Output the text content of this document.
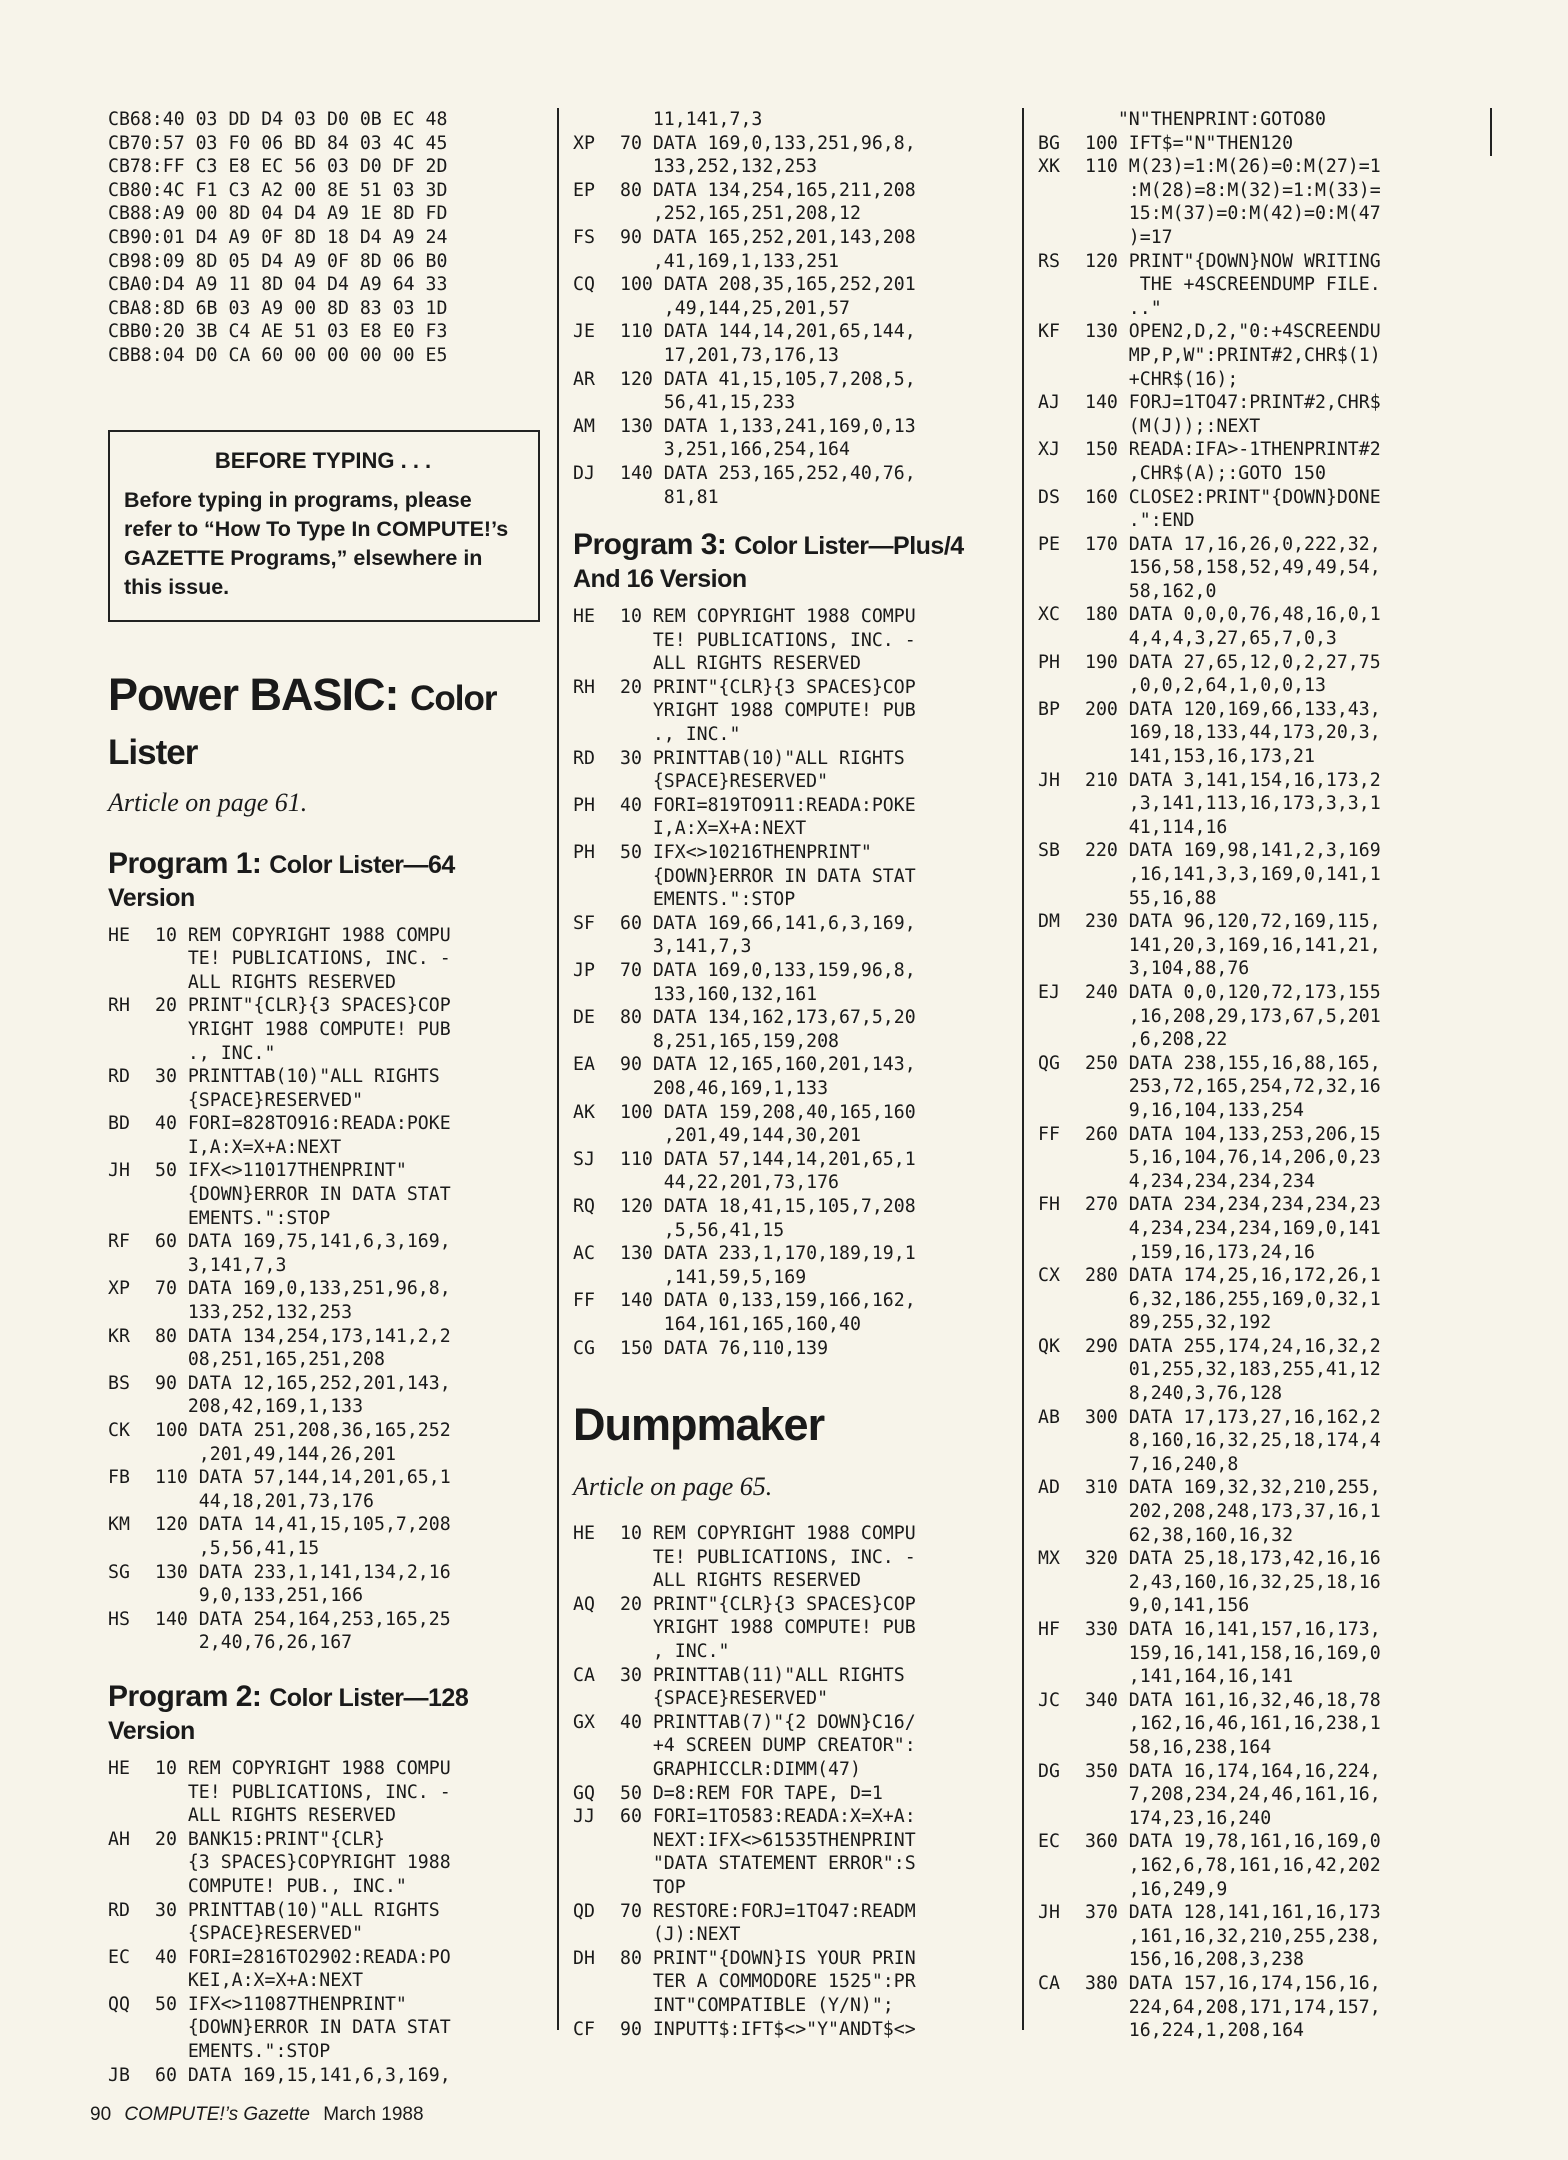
CB68:40 03 DD D4 03 D0 0B EC 48
CB70:57 03 F0 06 BD 84 03 4C 45
CB78:FF C3 E8 EC 56 03 D0 DF 2D
CB80:4C F1 C3 A2 00 8E 51 03 3D
CB88:A9 00 8D 04 D4 A9 1E 8D FD
CB90:01 D4 A9 0F 8D 18 D4 A9 24
CB98:09 8D 05 D4 A9 0F 8D 06 B0
CBA0:D4 A9 11 8D 04 D4 A9 64 33
CBA8:8D 6B 03 A9 00 8D 83 03 1D
CBB0:20 3B C4 AE 51 03 E8 E0 F3
CBB8:04 D0 CA 60 00 00 00 00 E5
BEFORE TYPING . . .
Before typing in programs, please refer to “How To Type In COMPUTE!’s GAZETTE Programs,” elsewhere in this issue.
Power BASIC: Color
Lister
Article on page 61.
Program 1: Color Lister—64
Version
HE	10 REM COPYRIGHT 1988 COMPU
TE! PUBLICATIONS, INC. -
ALL RIGHTS RESERVED
RH	20 PRINT"{CLR}{3 SPACES}COP
YRIGHT 1988 COMPUTE! PUB
., INC."
RD	30 PRINTTAB(10)"ALL RIGHTS
{SPACE}RESERVED"
BD	40 FORI=828TO916:READA:POKE
I,A:X=X+A:NEXT
JH	50 IFX<>11017THENPRINT"
{DOWN}ERROR IN DATA STAT
EMENTS.":STOP
RF	60 DATA 169,75,141,6,3,169,
3,141,7,3
XP	70 DATA 169,0,133,251,96,8,
133,252,132,253
KR	80 DATA 134,254,173,141,2,2
08,251,165,251,208
BS	90 DATA 12,165,252,201,143,
208,42,169,1,133
CK	100 DATA 251,208,36,165,252
,201,49,144,26,201
FB	110 DATA 57,144,14,201,65,1
44,18,201,73,176
KM	120 DATA 14,41,15,105,7,208
,5,56,41,15
SG	130 DATA 233,1,141,134,2,16
9,0,133,251,166
HS	140 DATA 254,164,253,165,25
2,40,76,26,167
Program 2: Color Lister—128
Version
HE	10 REM COPYRIGHT 1988 COMPU
TE! PUBLICATIONS, INC. -
ALL RIGHTS RESERVED
AH	20 BANK15:PRINT"{CLR}
{3 SPACES}COPYRIGHT 1988
COMPUTE! PUB., INC."
RD	30 PRINTTAB(10)"ALL RIGHTS
{SPACE}RESERVED"
EC	40 FORI=2816TO2902:READA:PO
KEI,A:X=X+A:NEXT
QQ	50 IFX<>11087THENPRINT"
{DOWN}ERROR IN DATA STAT
EMENTS.":STOP
JB	60 DATA 169,15,141,6,3,169,
11,141,7,3
XP	70 DATA 169,0,133,251,96,8,
133,252,132,253
EP	80 DATA 134,254,165,211,208
,252,165,251,208,12
FS	90 DATA 165,252,201,143,208
,41,169,1,133,251
CQ	100 DATA 208,35,165,252,201
,49,144,25,201,57
JE	110 DATA 144,14,201,65,144,
17,201,73,176,13
AR	120 DATA 41,15,105,7,208,5,
56,41,15,233
AM	130 DATA 1,133,241,169,0,13
3,251,166,254,164
DJ	140 DATA 253,165,252,40,76,
81,81
Program 3: Color Lister—Plus/4
And 16 Version
HE	10 REM COPYRIGHT 1988 COMPU
TE! PUBLICATIONS, INC. -
ALL RIGHTS RESERVED
RH	20 PRINT"{CLR}{3 SPACES}COP
YRIGHT 1988 COMPUTE! PUB
., INC."
RD	30 PRINTTAB(10)"ALL RIGHTS
{SPACE}RESERVED"
PH	40 FORI=819TO911:READA:POKE
I,A:X=X+A:NEXT
PH	50 IFX<>10216THENPRINT"
{DOWN}ERROR IN DATA STAT
EMENTS.":STOP
SF	60 DATA 169,66,141,6,3,169,
3,141,7,3
JP	70 DATA 169,0,133,159,96,8,
133,160,132,161
DE	80 DATA 134,162,173,67,5,20
8,251,165,159,208
EA	90 DATA 12,165,160,201,143,
208,46,169,1,133
AK	100 DATA 159,208,40,165,160
,201,49,144,30,201
SJ	110 DATA 57,144,14,201,65,1
44,22,201,73,176
RQ	120 DATA 18,41,15,105,7,208
,5,56,41,15
AC	130 DATA 233,1,170,189,19,1
,141,59,5,169
FF	140 DATA 0,133,159,166,162,
164,161,165,160,40
CG	150 DATA 76,110,139
Dumpmaker
Article on page 65.
HE	10 REM COPYRIGHT 1988 COMPU
TE! PUBLICATIONS, INC. -
ALL RIGHTS RESERVED
AQ	20 PRINT"{CLR}{3 SPACES}COP
YRIGHT 1988 COMPUTE! PUB
, INC."
CA	30 PRINTTAB(11)"ALL RIGHTS
{SPACE}RESERVED"
GX	40 PRINTTAB(7)"{2 DOWN}C16/
+4 SCREEN DUMP CREATOR":
GRAPHICCLR:DIMM(47)
GQ	50 D=8:REM FOR TAPE, D=1
JJ	60 FORI=1TO583:READA:X=X+A:
NEXT:IFX<>61535THENPRINT
"DATA STATEMENT ERROR":S
TOP
QD	70 RESTORE:FORJ=1TO47:READM
(J):NEXT
DH	80 PRINT"{DOWN}IS YOUR PRIN
TER A COMMODORE 1525":PR
INT"COMPATIBLE (Y/N)";
CF	90 INPUTT$:IFT$<>"Y"ANDT$<>
"N"THENPRINT:GOTO80
BG	100 IFT$="N"THEN120
XK	110 M(23)=1:M(26)=0:M(27)=1
:M(28)=8:M(32)=1:M(33)=
15:M(37)=0:M(42)=0:M(47
)=17
RS	120 PRINT"{DOWN}NOW WRITING
THE +4SCREENDUMP FILE.
.."
KF	130 OPEN2,D,2,"0:+4SCREENDU
MP,P,W":PRINT#2,CHR$(1)
+CHR$(16);
AJ	140 FORJ=1TO47:PRINT#2,CHR$
(M(J));:NEXT
XJ	150 READA:IFA>-1THENPRINT#2
,CHR$(A);:GOTO 150
DS	160 CLOSE2:PRINT"{DOWN}DONE
.":END
PE	170 DATA 17,16,26,0,222,32,
156,58,158,52,49,49,54,
58,162,0
XC	180 DATA 0,0,0,76,48,16,0,1
4,4,4,3,27,65,7,0,3
PH	190 DATA 27,65,12,0,2,27,75
,0,0,2,64,1,0,0,13
BP	200 DATA 120,169,66,133,43,
169,18,133,44,173,20,3,
141,153,16,173,21
JH	210 DATA 3,141,154,16,173,2
,3,141,113,16,173,3,3,1
41,114,16
SB	220 DATA 169,98,141,2,3,169
,16,141,3,3,169,0,141,1
55,16,88
DM	230 DATA 96,120,72,169,115,
141,20,3,169,16,141,21,
3,104,88,76
EJ	240 DATA 0,0,120,72,173,155
,16,208,29,173,67,5,201
,6,208,22
QG	250 DATA 238,155,16,88,165,
253,72,165,254,72,32,16
9,16,104,133,254
FF	260 DATA 104,133,253,206,15
5,16,104,76,14,206,0,23
4,234,234,234,234
FH	270 DATA 234,234,234,234,23
4,234,234,234,169,0,141
,159,16,173,24,16
CX	280 DATA 174,25,16,172,26,1
6,32,186,255,169,0,32,1
89,255,32,192
QK	290 DATA 255,174,24,16,32,2
01,255,32,183,255,41,12
8,240,3,76,128
AB	300 DATA 17,173,27,16,162,2
8,160,16,32,25,18,174,4
7,16,240,8
AD	310 DATA 169,32,32,210,255,
202,208,248,173,37,16,1
62,38,160,16,32
MX	320 DATA 25,18,173,42,16,16
2,43,160,16,32,25,18,16
9,0,141,156
HF	330 DATA 16,141,157,16,173,
159,16,141,158,16,169,0
,141,164,16,141
JC	340 DATA 161,16,32,46,18,78
,162,16,46,161,16,238,1
58,16,238,164
DG	350 DATA 16,174,164,16,224,
7,208,234,24,46,161,16,
174,23,16,240
EC	360 DATA 19,78,161,16,169,0
,162,6,78,161,16,42,202
,16,249,9
JH	370 DATA 128,141,161,16,173
,161,16,32,210,255,238,
156,16,208,3,238
CA	380 DATA 157,16,174,156,16,
224,64,208,171,174,157,
16,224,1,208,164
90 COMPUTE!’s Gazette March 1988
